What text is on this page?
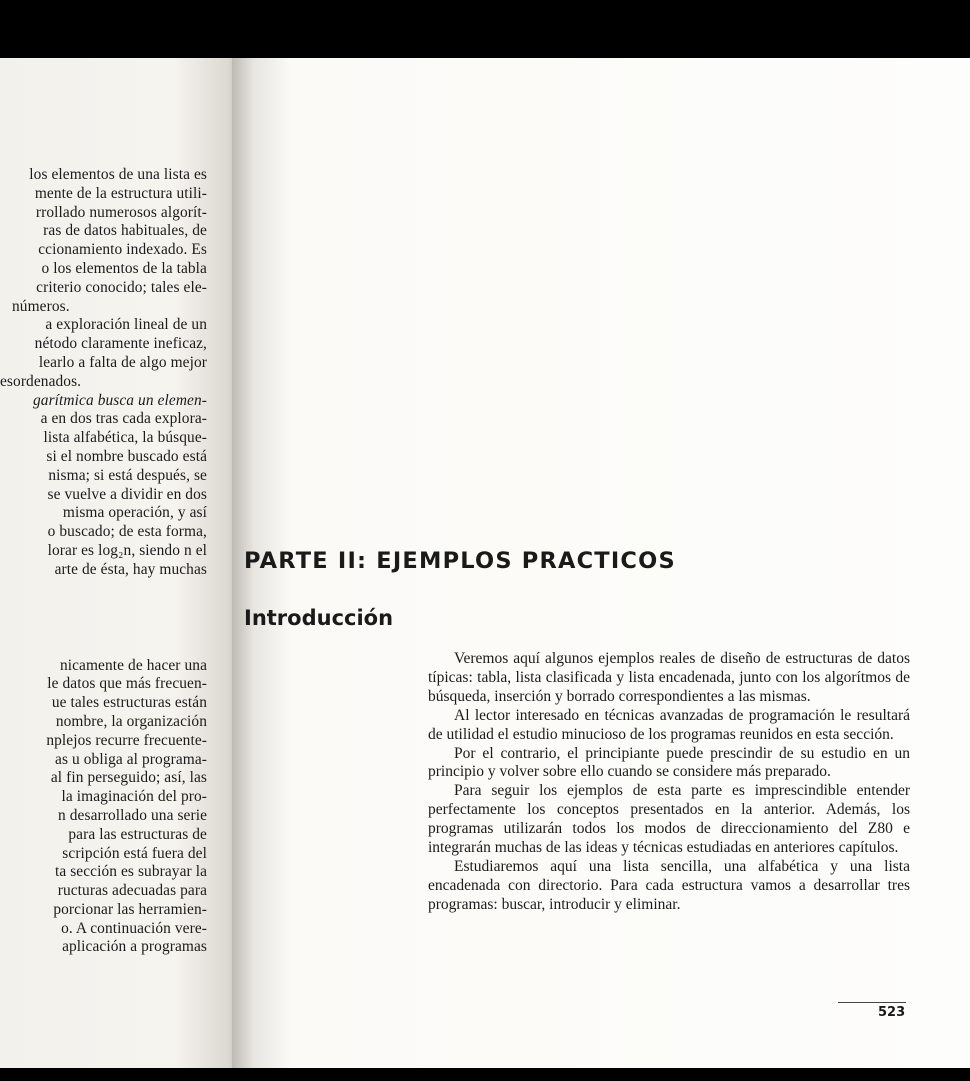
los elementos de una lista es

mente de la estructura utili-

rrollado numerosos algorít-

ras de datos habituales, de

ccionamiento indexado. Es

o los elementos de la tabla

criterio conocido; tales ele-

números.

a exploración lineal de un

nétodo claramente ineficaz,

learlo a falta de algo mejor

esordenados.

garítmica busca un elemen-

a en dos tras cada explora-

lista alfabética, la búsque-

si el nombre buscado está

nisma; si está después, se

se vuelve a dividir en dos

misma operación, y así

o buscado; de esta forma,

lorar es log₂n, siendo n el

arte de ésta, hay muchas

nicamente de hacer una

le datos que más frecuen-

ue tales estructuras están

nombre, la organización

nplejos recurre frecuente-

as u obliga al programa-

al fin perseguido; así, las

la imaginación del pro-

n desarrollado una serie

para las estructuras de

scripción está fuera del

ta sección es subrayar la

ructuras adecuadas para

porcionar las herramien-

o. A continuación vere-

aplicación a programas

PARTE II: EJEMPLOS PRACTICOS
Introducción

Veremos aquí algunos ejemplos reales de diseño de estructuras de datos típicas: tabla, lista clasificada y lista encadenada, junto con los algorítmos de búsqueda, inserción y borrado correspondientes a las mismas.

Al lector interesado en técnicas avanzadas de programación le resultará de utilidad el estudio minucioso de los programas reunidos en esta sección.

Por el contrario, el principiante puede prescindir de su estudio en un principio y volver sobre ello cuando se considere más preparado.

Para seguir los ejemplos de esta parte es imprescindible entender perfectamente los conceptos presentados en la anterior. Además, los programas utilizarán todos los modos de direccionamiento del Z80 e integrarán muchas de las ideas y técnicas estudiadas en anteriores capítulos.

Estudiaremos aquí una lista sencilla, una alfabética y una lista encadenada con directorio. Para cada estructura vamos a desarrollar tres programas: buscar, introducir y eliminar.

523
